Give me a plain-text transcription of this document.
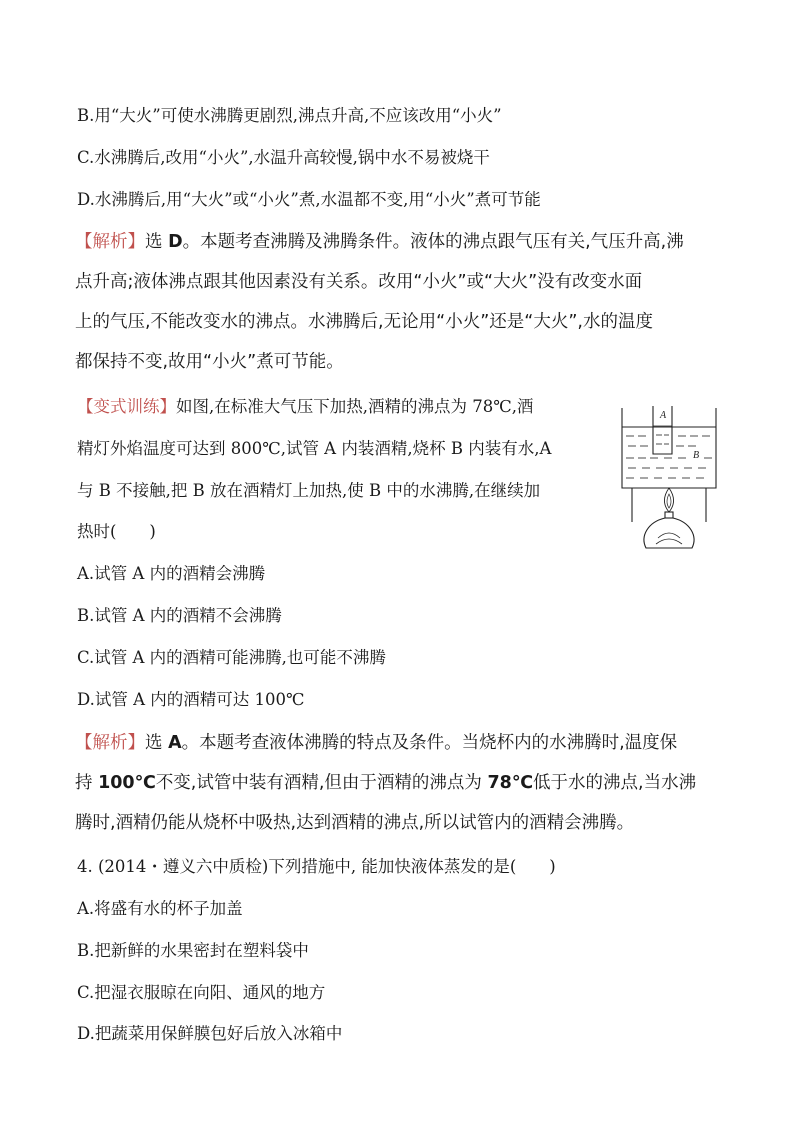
B.用“大火”可使水沸腾更剧烈,沸点升高,不应该改用“小火”
C.水沸腾后,改用“小火”,水温升高较慢,锅中水不易被烧干
D.水沸腾后,用“大火”或“小火”煮,水温都不变,用“小火”煮可节能
【解析】选 D。本题考查沸腾及沸腾条件。液体的沸点跟气压有关,气压升高,沸
点升高;液体沸点跟其他因素没有关系。改用“小火”或“大火”没有改变水面
上的气压,不能改变水的沸点。水沸腾后,无论用“小火”还是“大火”,水的温度
都保持不变,故用“小火”煮可节能。
【变式训练】如图,在标准大气压下加热,酒精的沸点为 78℃,酒
精灯外焰温度可达到 800℃,试管 A 内装酒精,烧杯 B 内装有水,A
与 B 不接触,把 B 放在酒精灯上加热,使 B 中的水沸腾,在继续加
热时(　　)
A.试管 A 内的酒精会沸腾
B.试管 A 内的酒精不会沸腾
C.试管 A 内的酒精可能沸腾,也可能不沸腾
D.试管 A 内的酒精可达 100℃
A
B
【解析】选 A。本题考查液体沸腾的特点及条件。当烧杯内的水沸腾时,温度保
持 100℃不变,试管中装有酒精,但由于酒精的沸点为 78℃低于水的沸点,当水沸
腾时,酒精仍能从烧杯中吸热,达到酒精的沸点,所以试管内的酒精会沸腾。
4. (2014・遵义六中质检)下列措施中, 能加快液体蒸发的是(　　)
A.将盛有水的杯子加盖
B.把新鲜的水果密封在塑料袋中
C.把湿衣服晾在向阳、通风的地方
D.把蔬菜用保鲜膜包好后放入冰箱中
